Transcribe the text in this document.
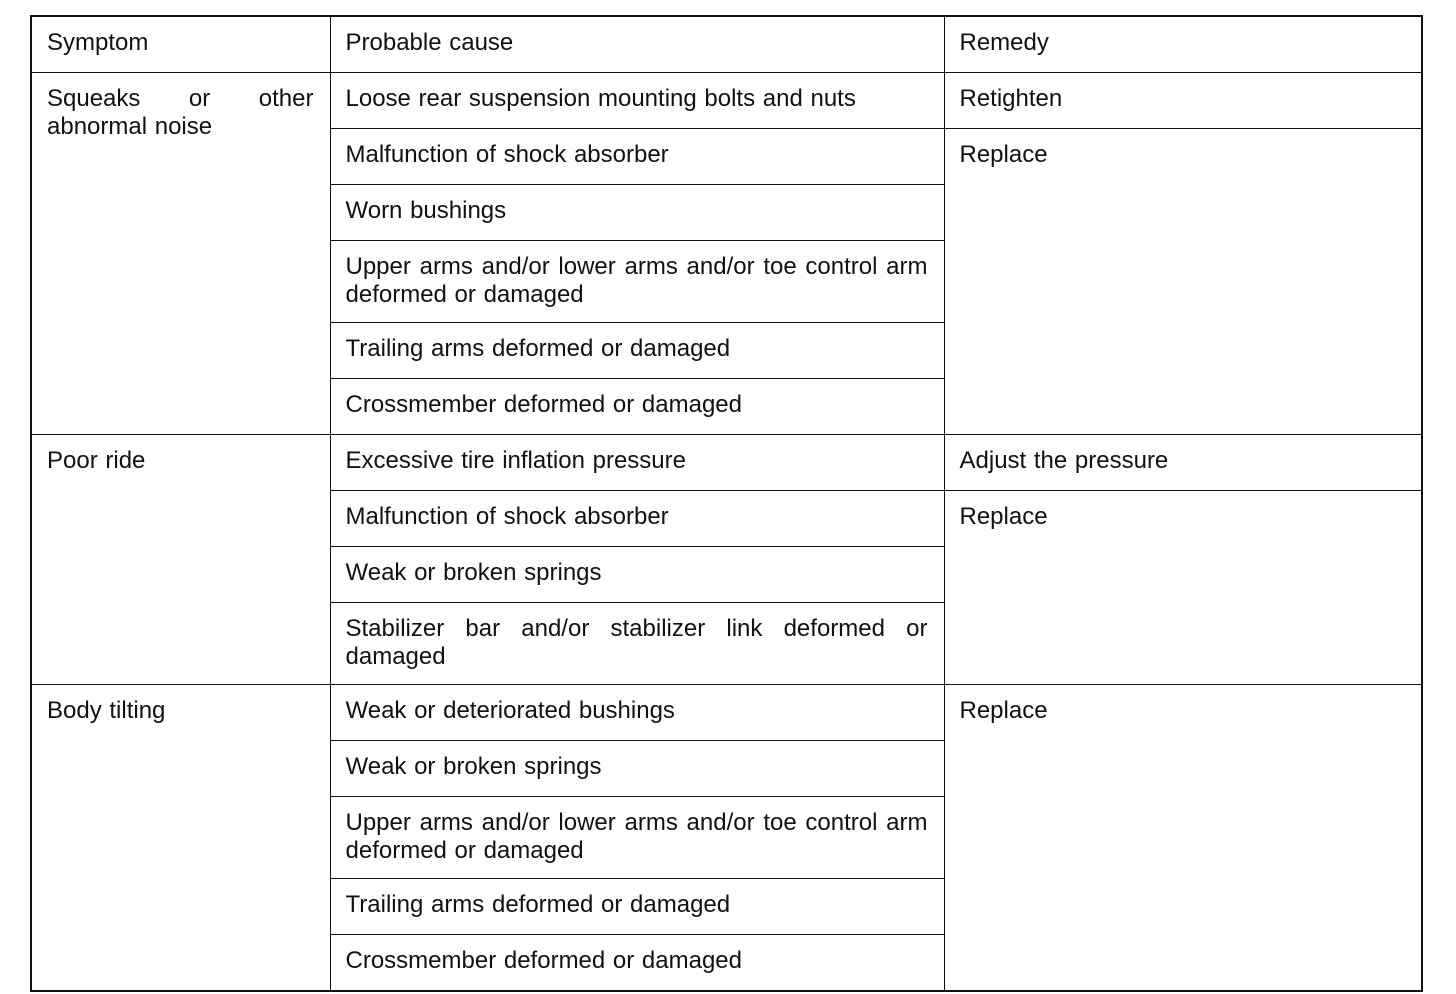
Symptom	Probable cause	Remedy
Squeaks or other abnormal noise	Loose rear suspension mounting bolts and nuts	Retighten
	Malfunction of shock absorber	Replace
	Worn bushings	
	Upper arms and/or lower arms and/or toe control arm deformed or damaged	
	Trailing arms deformed or damaged	
	Crossmember deformed or damaged	
Poor ride	Excessive tire inflation pressure	Adjust the pressure
	Malfunction of shock absorber	Replace
	Weak or broken springs	
	Stabilizer bar and/or stabilizer link deformed or damaged	
Body tilting	Weak or deteriorated bushings	Replace
	Weak or broken springs	
	Upper arms and/or lower arms and/or toe control arm deformed or damaged	
	Trailing arms deformed or damaged	
	Crossmember deformed or damaged	
